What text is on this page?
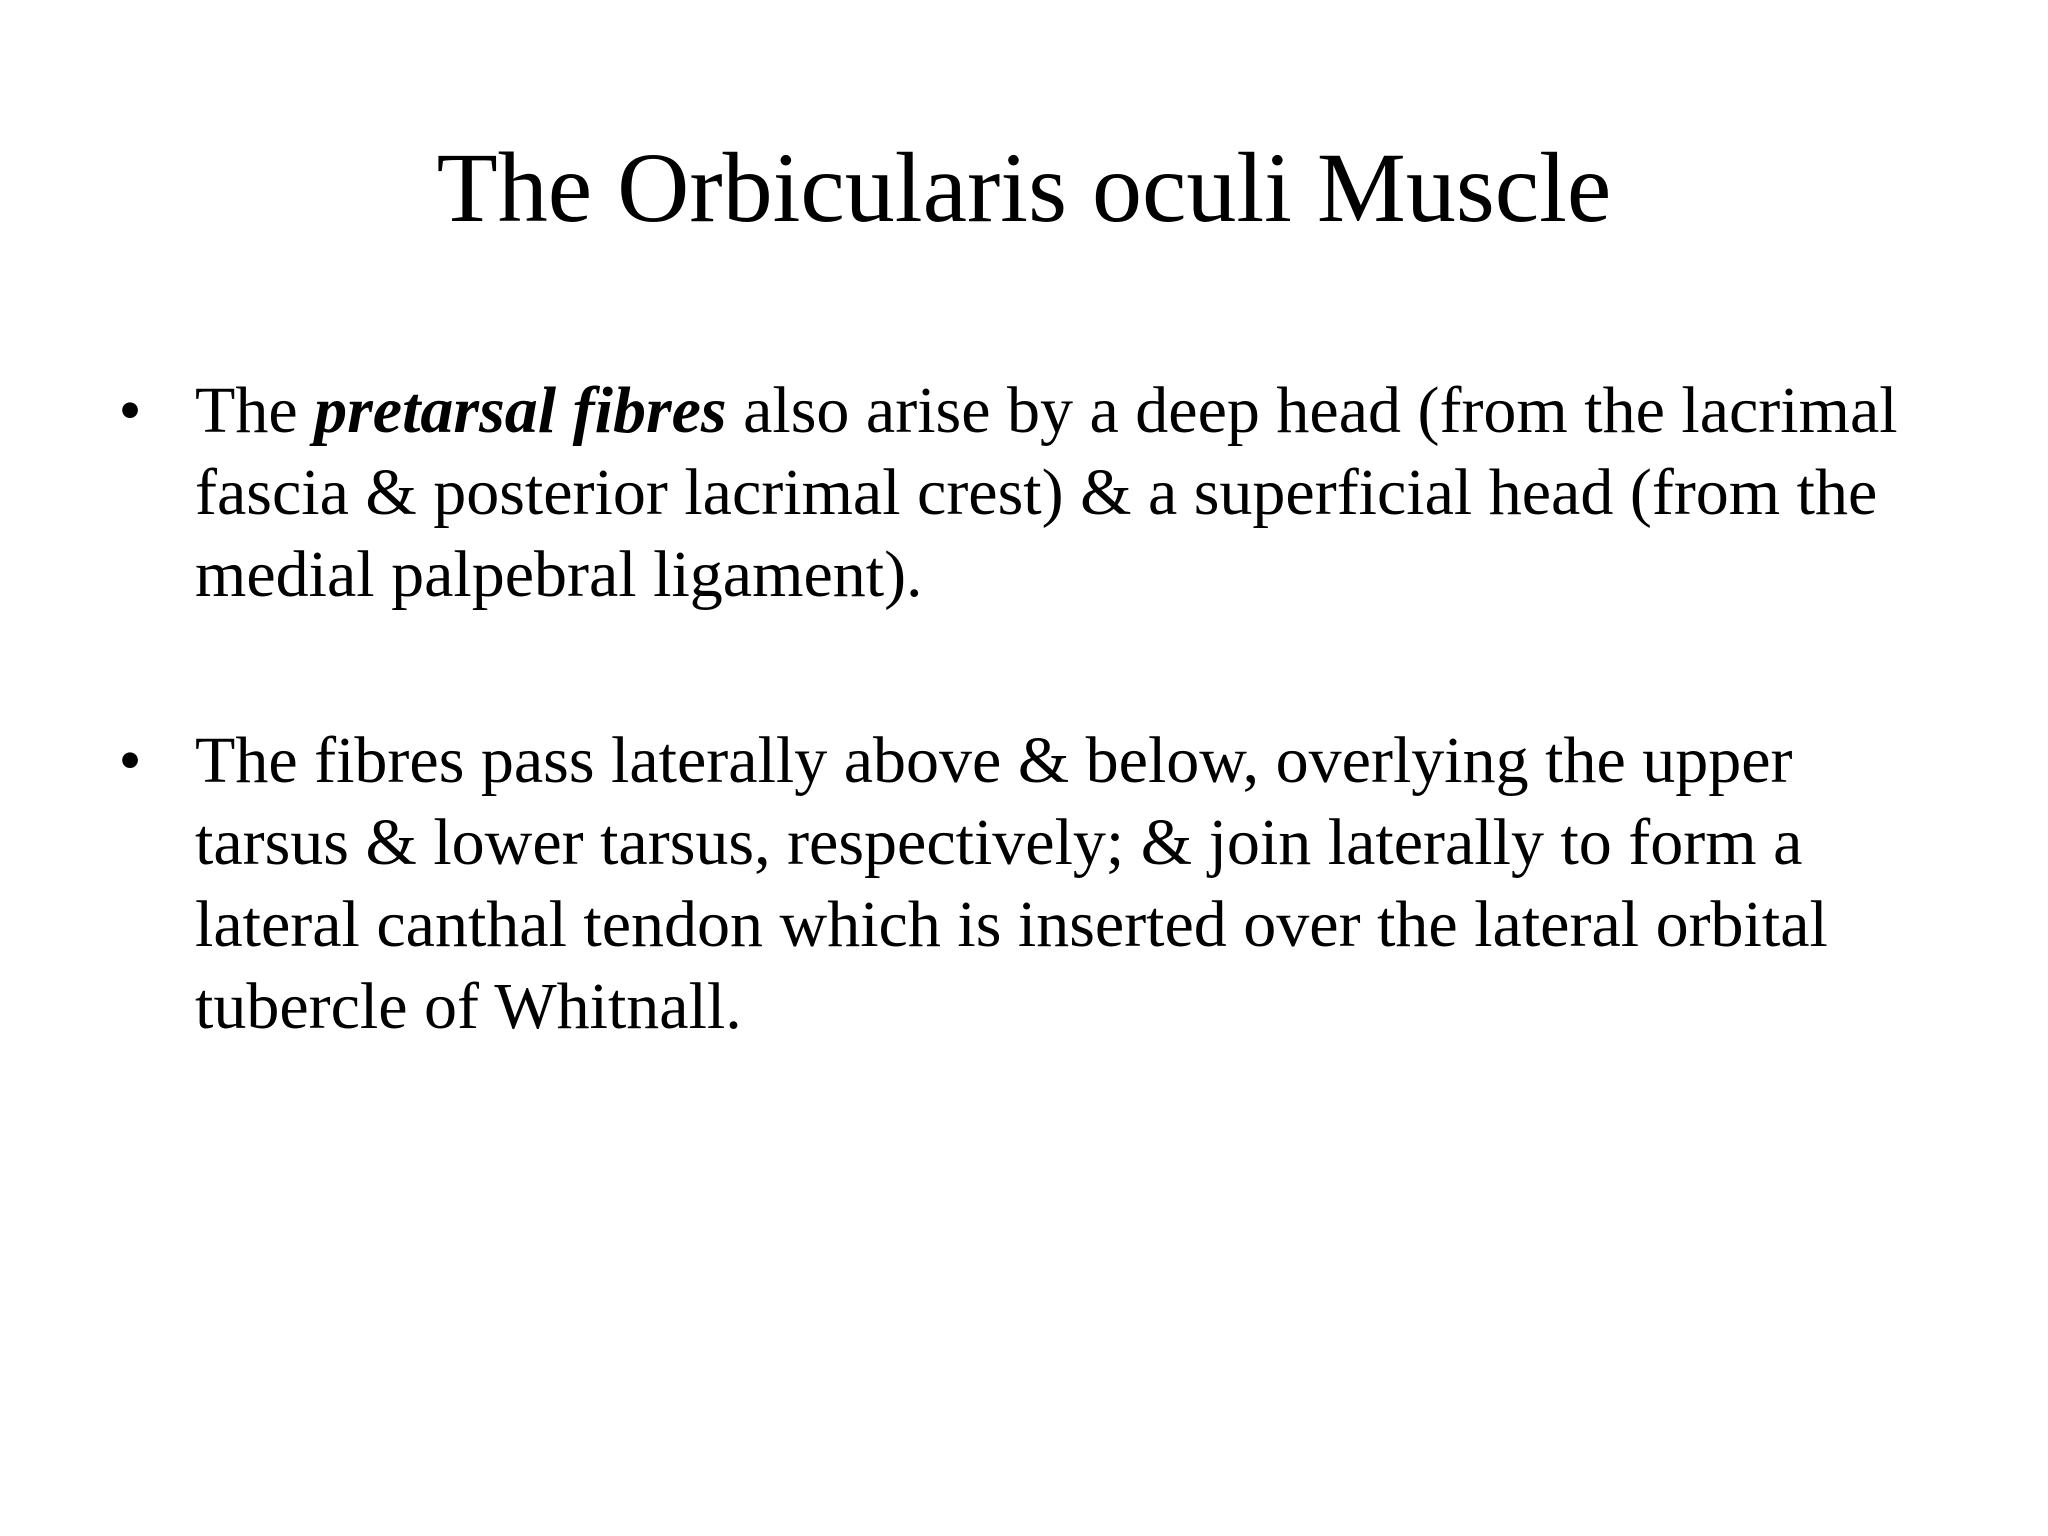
The Orbicularis oculi Muscle
• The pretarsal fibres also arise by a deep head (from the lacrimal fascia & posterior lacrimal crest) & a superficial head (from the medial palpebral ligament).
• The fibres pass laterally above & below, overlying the upper tarsus & lower tarsus, respectively; & join laterally to form a lateral canthal tendon which is inserted over the lateral orbital tubercle of Whitnall.
